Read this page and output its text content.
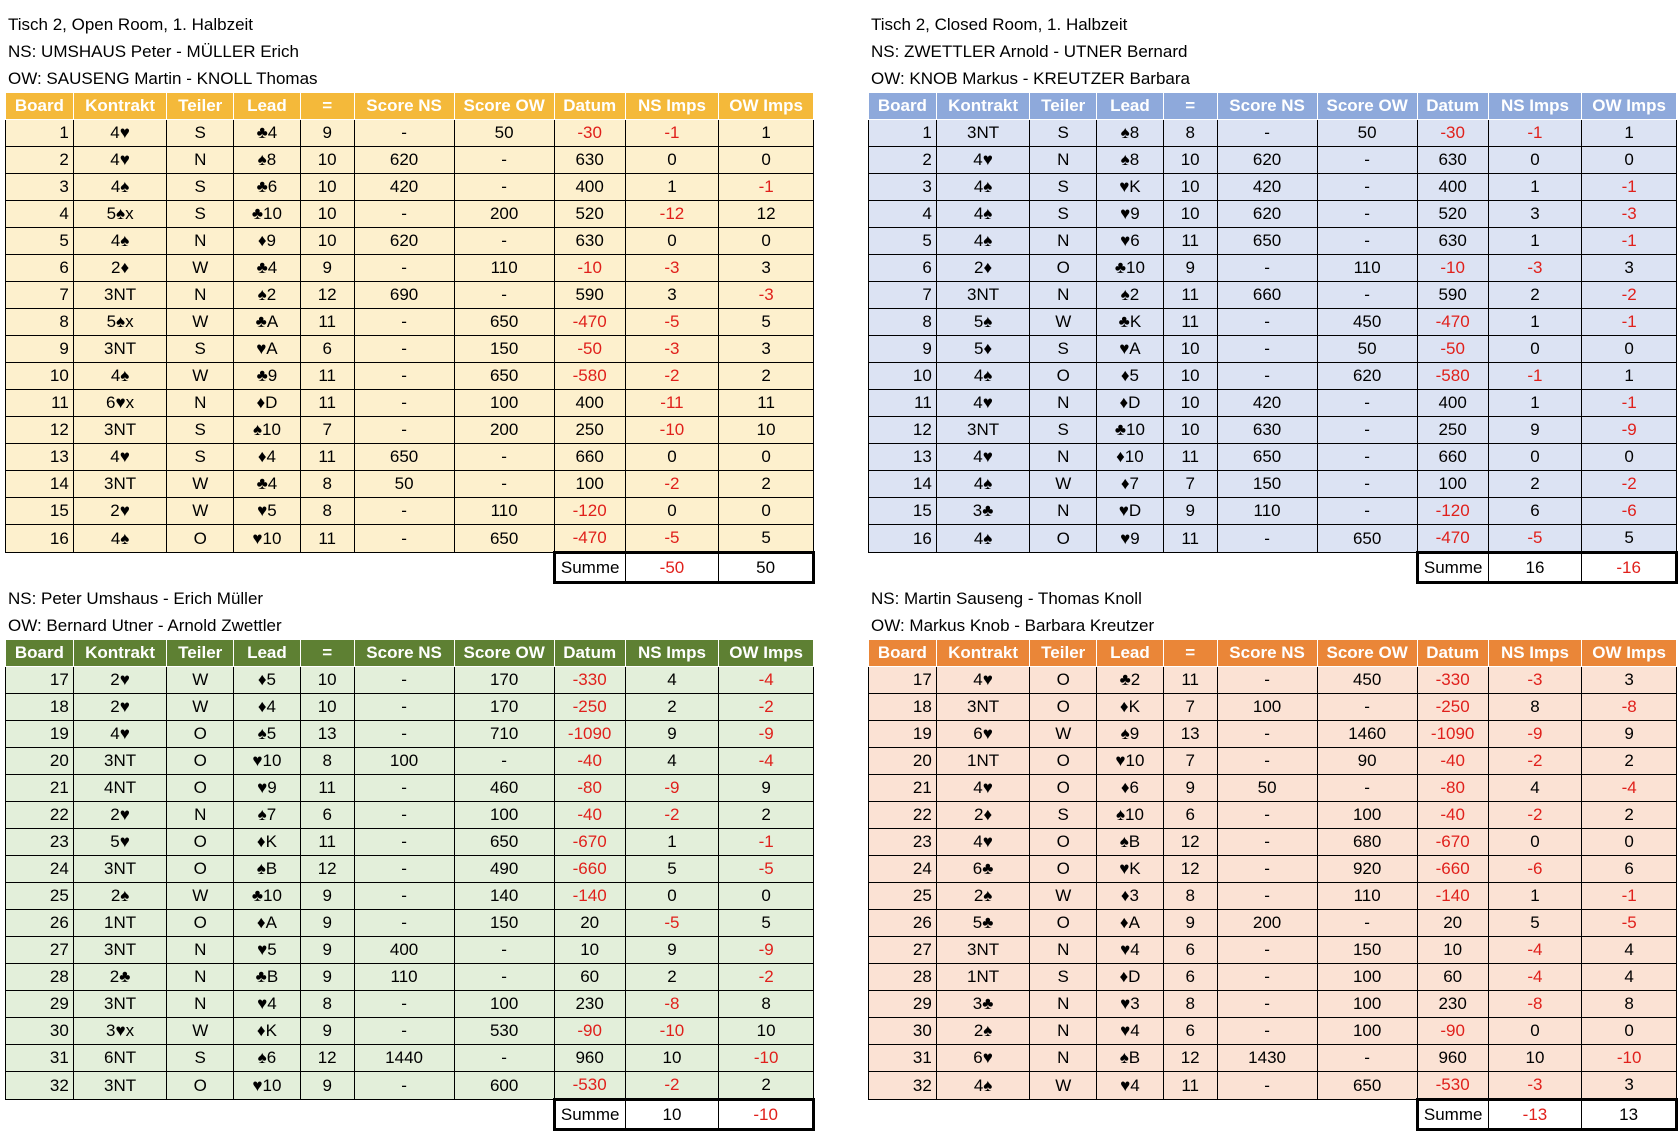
Tisch 2, Open Room, 1. Halbzeit
NS: UMSHAUS Peter - MÜLLER Erich
OW: SAUSENG Martin - KNOLL Thomas
Board	Kontrakt	Teiler	Lead	=	Score NS	Score OW	Datum	NS Imps	OW Imps
1	4♥	S	♣4	9	-	50	-30	-1	1
2	4♥	N	♠8	10	620	-	630	0	0
3	4♠	S	♣6	10	420	-	400	1	-1
4	5♠x	S	♣10	10	-	200	520	-12	12
5	4♠	N	♦9	10	620	-	630	0	0
6	2♦	W	♣4	9	-	110	-10	-3	3
7	3NT	N	♠2	12	690	-	590	3	-3
8	5♠x	W	♣A	11	-	650	-470	-5	5
9	3NT	S	♥A	6	-	150	-50	-3	3
10	4♠	W	♣9	11	-	650	-580	-2	2
11	6♥x	N	♦D	11	-	100	400	-11	11
12	3NT	S	♠10	7	-	200	250	-10	10
13	4♥	S	♦4	11	650	-	660	0	0
14	3NT	W	♣4	8	50	-	100	-2	2
15	2♥	W	♥5	8	-	110	-120	0	0
16	4♠	O	♥10	11	-	650	-470	-5	5
							Summe	-50	50
Tisch 2, Closed Room, 1. Halbzeit
NS: ZWETTLER Arnold - UTNER Bernard
OW: KNOB Markus - KREUTZER Barbara
Board	Kontrakt	Teiler	Lead	=	Score NS	Score OW	Datum	NS Imps	OW Imps
1	3NT	S	♠8	8	-	50	-30	-1	1
2	4♥	N	♠8	10	620	-	630	0	0
3	4♠	S	♥K	10	420	-	400	1	-1
4	4♠	S	♥9	10	620	-	520	3	-3
5	4♠	N	♥6	11	650	-	630	1	-1
6	2♦	O	♣10	9	-	110	-10	-3	3
7	3NT	N	♠2	11	660	-	590	2	-2
8	5♠	W	♣K	11	-	450	-470	1	-1
9	5♦	S	♥A	10	-	50	-50	0	0
10	4♠	O	♦5	10	-	620	-580	-1	1
11	4♥	N	♦D	10	420	-	400	1	-1
12	3NT	S	♣10	10	630	-	250	9	-9
13	4♥	N	♦10	11	650	-	660	0	0
14	4♠	W	♦7	7	150	-	100	2	-2
15	3♣	N	♥D	9	110	-	-120	6	-6
16	4♠	O	♥9	11	-	650	-470	-5	5
							Summe	16	-16
NS: Peter Umshaus - Erich Müller
OW: Bernard Utner - Arnold Zwettler
Board	Kontrakt	Teiler	Lead	=	Score NS	Score OW	Datum	NS Imps	OW Imps
17	2♥	W	♦5	10	-	170	-330	4	-4
18	2♥	W	♦4	10	-	170	-250	2	-2
19	4♥	O	♠5	13	-	710	-1090	9	-9
20	3NT	O	♥10	8	100	-	-40	4	-4
21	4NT	O	♥9	11	-	460	-80	-9	9
22	2♥	N	♠7	6	-	100	-40	-2	2
23	5♥	O	♦K	11	-	650	-670	1	-1
24	3NT	O	♠B	12	-	490	-660	5	-5
25	2♠	W	♣10	9	-	140	-140	0	0
26	1NT	O	♦A	9	-	150	20	-5	5
27	3NT	N	♥5	9	400	-	10	9	-9
28	2♣	N	♣B	9	110	-	60	2	-2
29	3NT	N	♥4	8	-	100	230	-8	8
30	3♥x	W	♦K	9	-	530	-90	-10	10
31	6NT	S	♠6	12	1440	-	960	10	-10
32	3NT	O	♥10	9	-	600	-530	-2	2
							Summe	10	-10
NS: Martin Sauseng - Thomas Knoll
OW: Markus Knob - Barbara Kreutzer
Board	Kontrakt	Teiler	Lead	=	Score NS	Score OW	Datum	NS Imps	OW Imps
17	4♥	O	♣2	11	-	450	-330	-3	3
18	3NT	O	♦K	7	100	-	-250	8	-8
19	6♥	W	♠9	13	-	1460	-1090	-9	9
20	1NT	O	♥10	7	-	90	-40	-2	2
21	4♥	O	♦6	9	50	-	-80	4	-4
22	2♦	S	♠10	6	-	100	-40	-2	2
23	4♥	O	♠B	12	-	680	-670	0	0
24	6♣	O	♥K	12	-	920	-660	-6	6
25	2♠	W	♦3	8	-	110	-140	1	-1
26	5♣	O	♦A	9	200	-	20	5	-5
27	3NT	N	♥4	6	-	150	10	-4	4
28	1NT	S	♦D	6	-	100	60	-4	4
29	3♣	N	♥3	8	-	100	230	-8	8
30	2♠	N	♥4	6	-	100	-90	0	0
31	6♥	N	♠B	12	1430	-	960	10	-10
32	4♠	W	♥4	11	-	650	-530	-3	3
							Summe	-13	13
